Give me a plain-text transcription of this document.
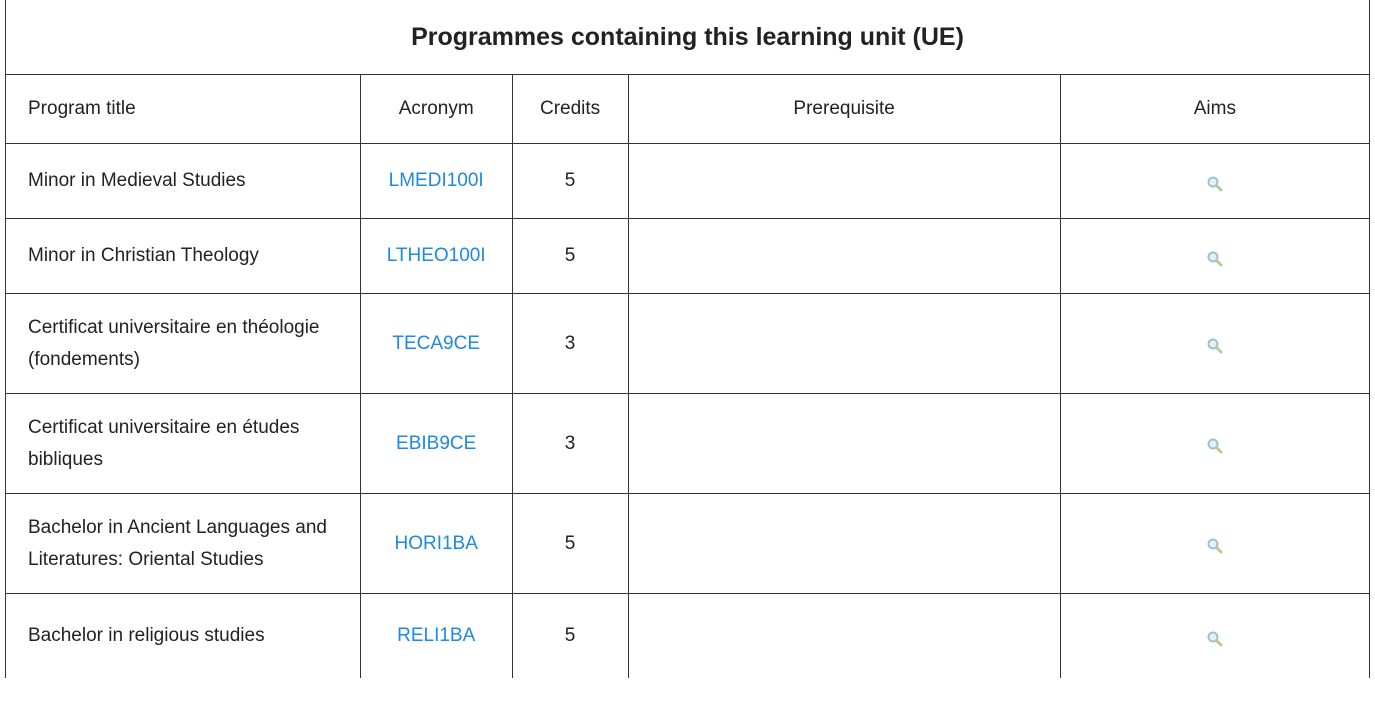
Programmes containing this learning unit (UE)				
Program title	Acronym	Credits	Prerequisite	Aims
Minor in Medieval Studies	LMEDI100I	5		
Minor in Christian Theology	LTHEO100I	5		
Certificat universitaire en théologie (fondements)	TECA9CE	3		
Certificat universitaire en études bibliques	EBIB9CE	3		
Bachelor in Ancient Languages and Literatures: Oriental Studies	HORI1BA	5		
Bachelor in religious studies	RELI1BA	5		
